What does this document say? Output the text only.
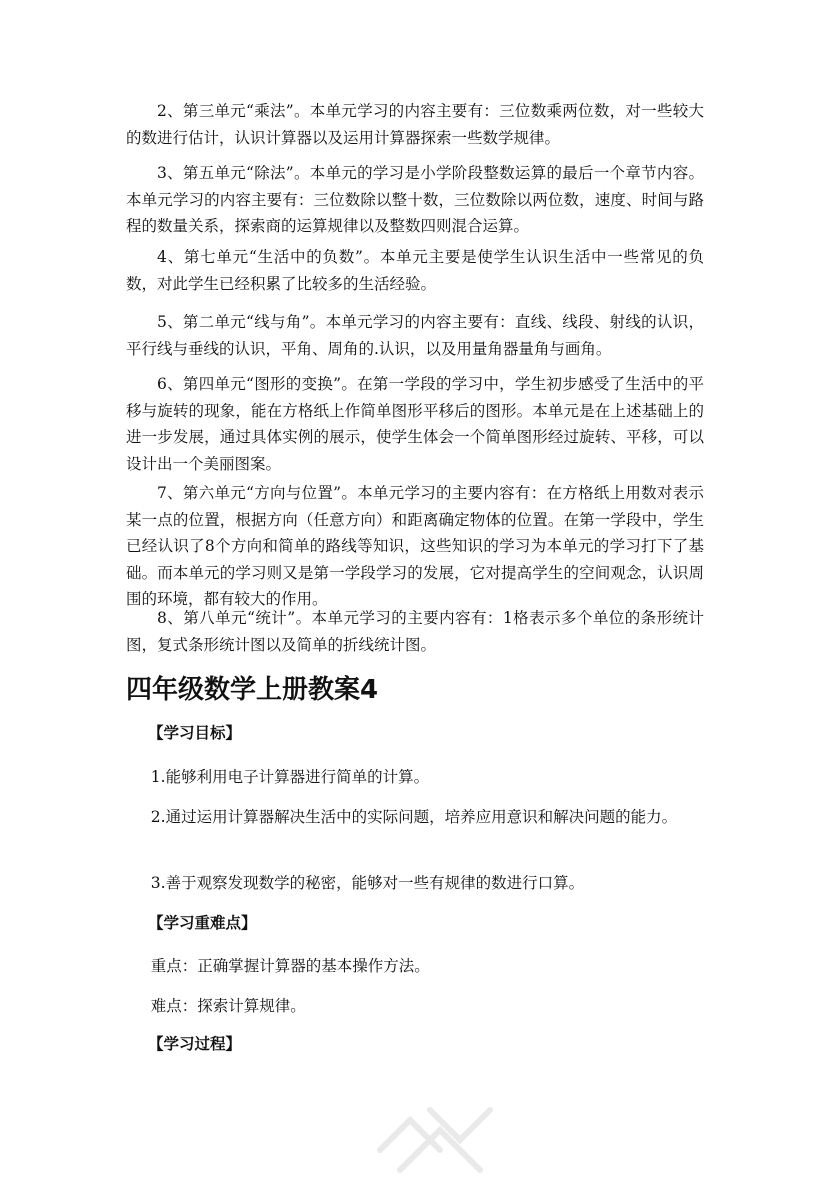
2、第三单元“乘法”。本单元学习的内容主要有：三位数乘两位数，对一些较大的数进行估计，认识计算器以及运用计算器探索一些数学规律。

3、第五单元“除法”。本单元的学习是小学阶段整数运算的最后一个章节内容。本单元学习的内容主要有：三位数除以整十数，三位数除以两位数，速度、时间与路程的数量关系，探索商的运算规律以及整数四则混合运算。

4、第七单元“生活中的负数”。本单元主要是使学生认识生活中一些常见的负数，对此学生已经积累了比较多的生活经验。

5、第二单元“线与角”。本单元学习的内容主要有：直线、线段、射线的认识，平行线与垂线的认识，平角、周角的.认识，以及用量角器量角与画角。

6、第四单元“图形的变换”。在第一学段的学习中，学生初步感受了生活中的平移与旋转的现象，能在方格纸上作简单图形平移后的图形。本单元是在上述基础上的进一步发展，通过具体实例的展示，使学生体会一个简单图形经过旋转、平移，可以设计出一个美丽图案。

7、第六单元“方向与位置”。本单元学习的主要内容有：在方格纸上用数对表示某一点的位置，根据方向（任意方向）和距离确定物体的位置。在第一学段中，学生已经认识了8个方向和简单的路线等知识，这些知识的学习为本单元的学习打下了基础。而本单元的学习则又是第一学段学习的发展，它对提高学生的空间观念，认识周围的环境，都有较大的作用。

8、第八单元“统计”。本单元学习的主要内容有：1格表示多个单位的条形统计图，复式条形统计图以及简单的折线统计图。

四年级数学上册教案4

【学习目标】

1.能够利用电子计算器进行简单的计算。

2.通过运用计算器解决生活中的实际问题，培养应用意识和解决问题的能力。

3.善于观察发现数学的秘密，能够对一些有规律的数进行口算。

【学习重难点】

重点：正确掌握计算器的基本操作方法。

难点：探索计算规律。

【学习过程】
